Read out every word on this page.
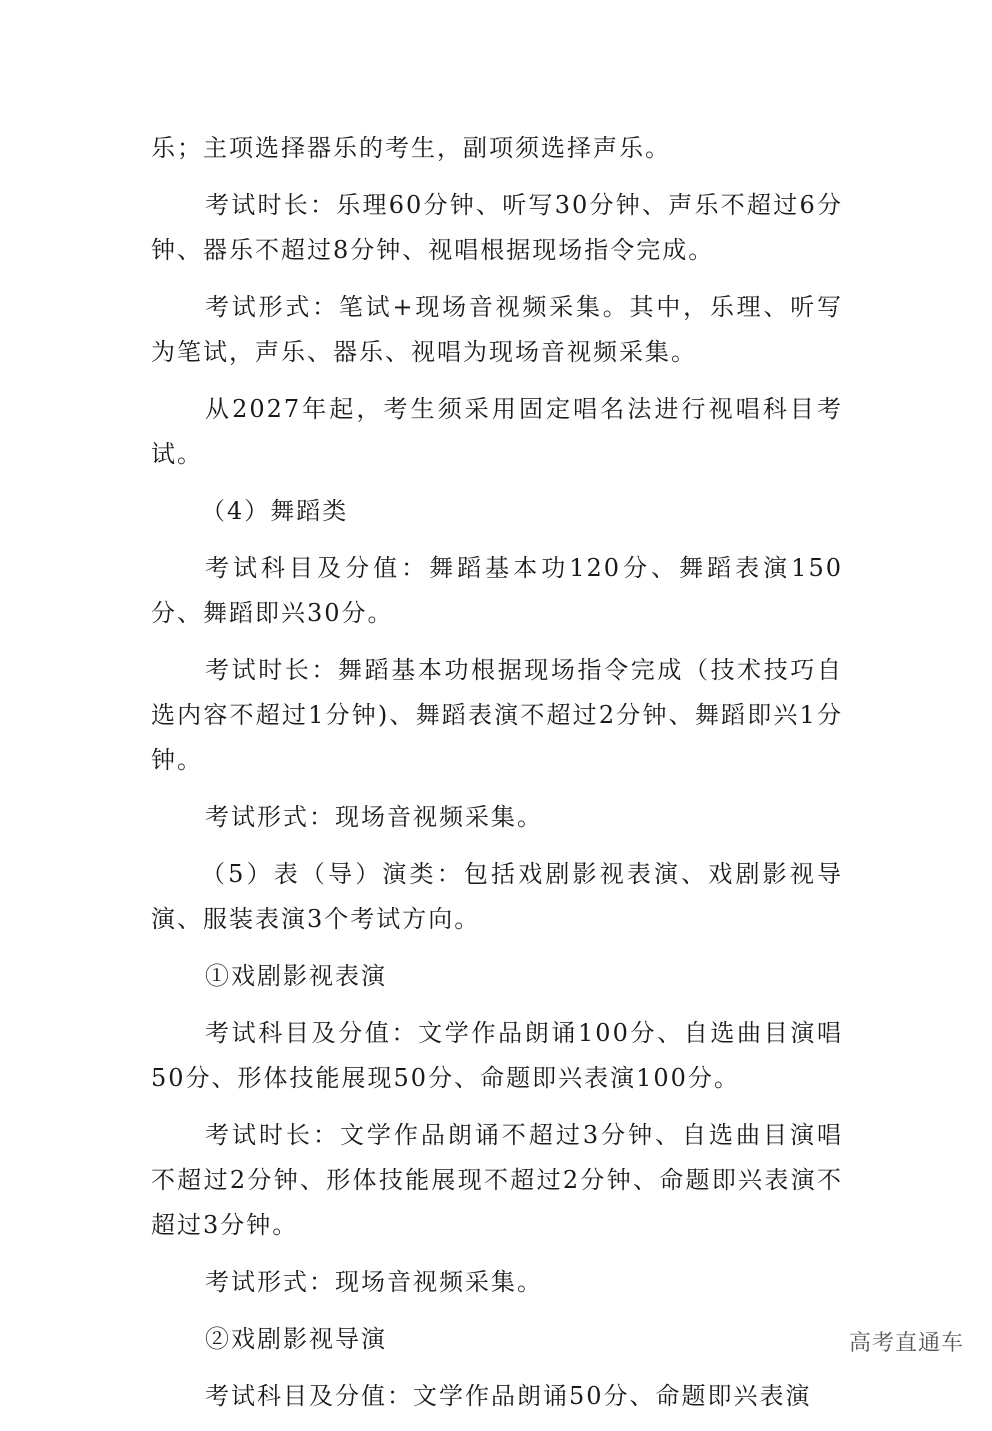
乐；主项选择器乐的考生，副项须选择声乐。

考试时长：乐理60分钟、听写30分钟、声乐不超过6分钟、器乐不超过8分钟、视唱根据现场指令完成。

考试形式：笔试+现场音视频采集。其中，乐理、听写为笔试，声乐、器乐、视唱为现场音视频采集。

从2027年起，考生须采用固定唱名法进行视唱科目考试。

（4）舞蹈类

考试科目及分值：舞蹈基本功120分、舞蹈表演150分、舞蹈即兴30分。

考试时长：舞蹈基本功根据现场指令完成（技术技巧自选内容不超过1分钟)、舞蹈表演不超过2分钟、舞蹈即兴1分钟。

考试形式：现场音视频采集。

（5）表（导）演类：包括戏剧影视表演、戏剧影视导演、服装表演3个考试方向。

①戏剧影视表演

考试科目及分值：文学作品朗诵100分、自选曲目演唱50分、形体技能展现50分、命题即兴表演100分。

考试时长：文学作品朗诵不超过3分钟、自选曲目演唱不超过2分钟、形体技能展现不超过2分钟、命题即兴表演不超过3分钟。

考试形式：现场音视频采集。

②戏剧影视导演

考试科目及分值：文学作品朗诵50分、命题即兴表演

高考直通车
